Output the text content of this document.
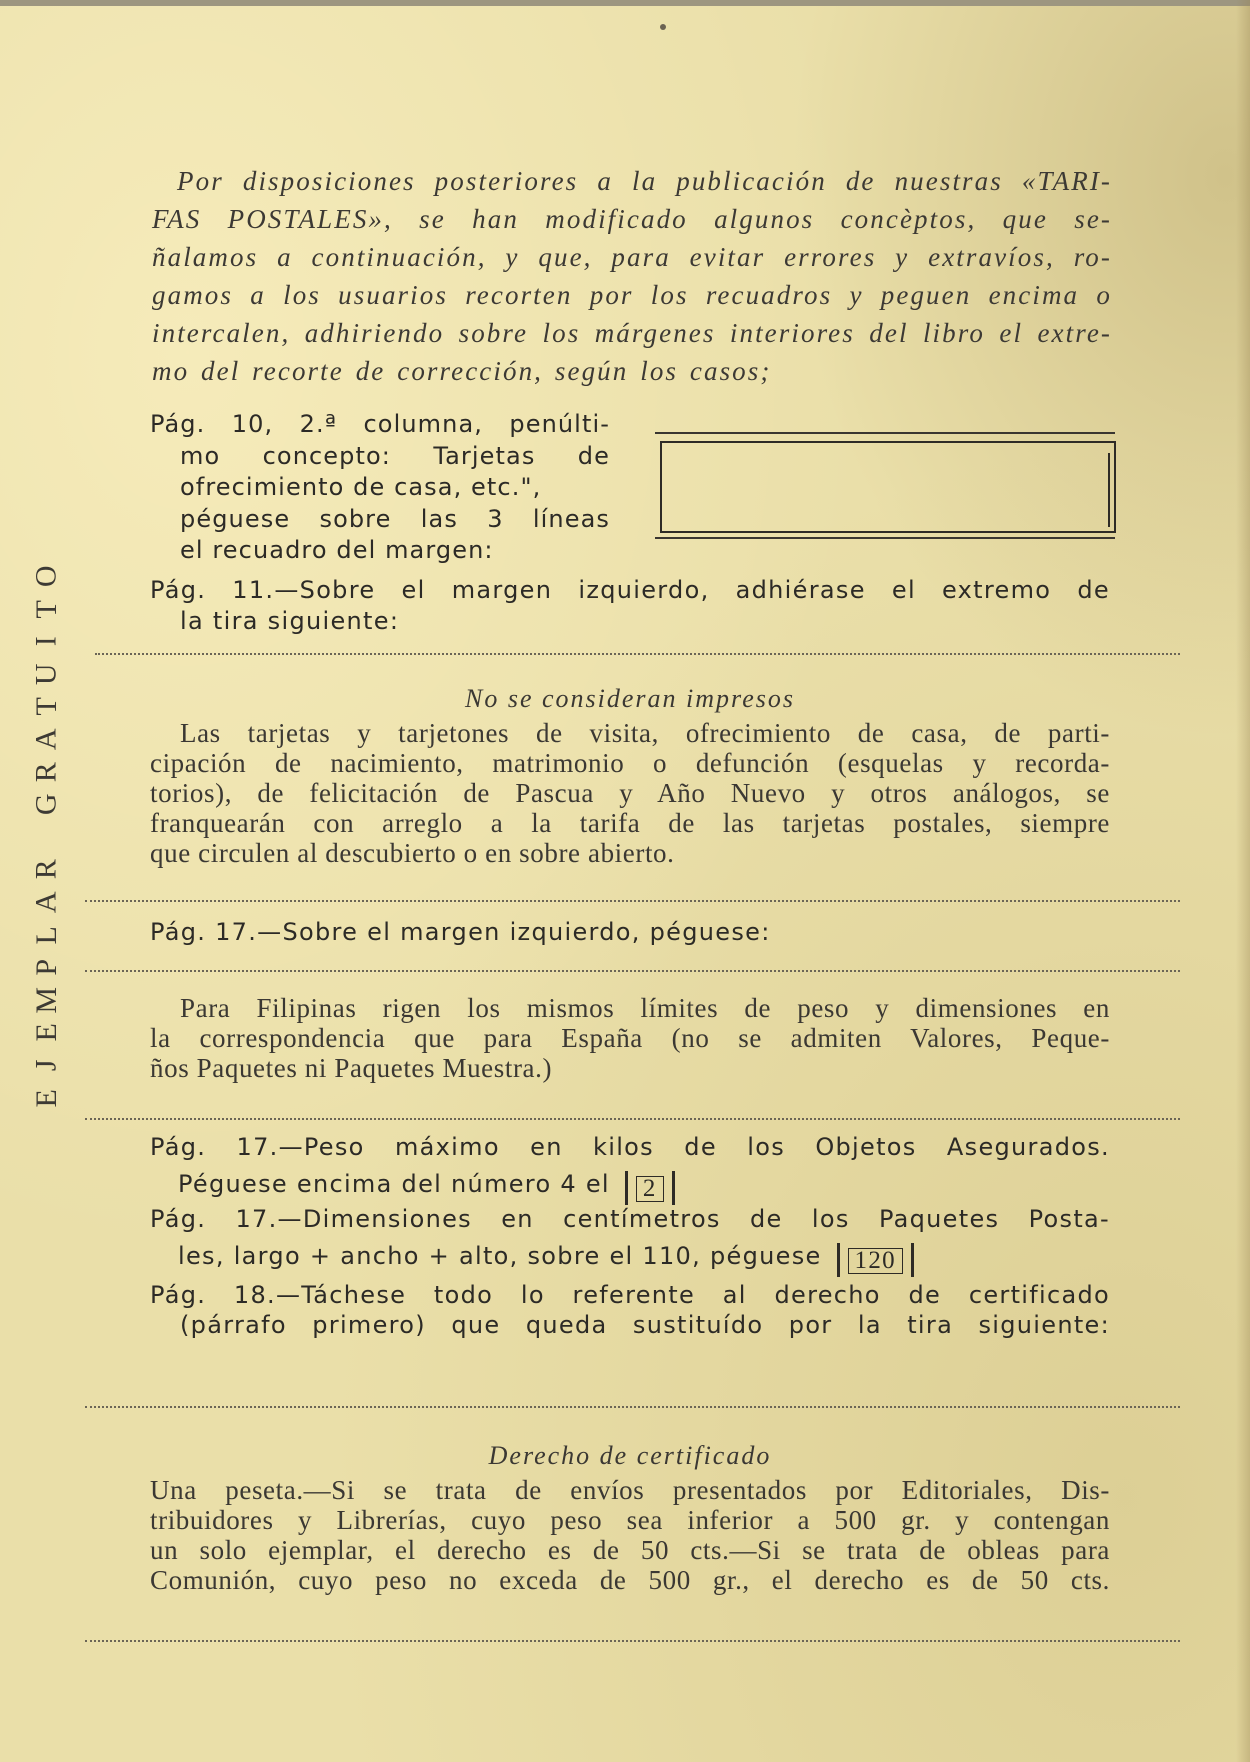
O
T
I
U
T
A
R
G

R
A
L
P
M
E
J
E
Por disposiciones posteriores a la publicación de nuestras «TARI-
FAS POSTALES», se han modificado algunos concèptos, que se-
ñalamos a continuación, y que, para evitar errores y extravíos, ro-
gamos a los usuarios recorten por los recuadros y peguen encima o
intercalen, adhiriendo sobre los márgenes interiores del libro el extre-
mo del recorte de corrección, según los casos;
Pág. 10, 2.ª columna, penúlti-
mo concepto: Tarjetas de
ofrecimiento de casa, etc.",
péguese sobre las 3 líneas
el recuadro del margen:
Pág. 11.—Sobre el margen izquierdo, adhiérase el extremo de
la tira siguiente:
No se consideran impresos
Las tarjetas y tarjetones de visita, ofrecimiento de casa, de parti-
cipación de nacimiento, matrimonio o defunción (esquelas y recorda-
torios), de felicitación de Pascua y Año Nuevo y otros análogos, se
franquearán con arreglo a la tarifa de las tarjetas postales, siempre
que circulen al descubierto o en sobre abierto.
Pág. 17.—Sobre el margen izquierdo, péguese:
Para Filipinas rigen los mismos límites de peso y dimensiones en
la correspondencia que para España (no se admiten Valores, Peque-
ños Paquetes ni Paquetes Muestra.)
Pág. 17.—Peso máximo en kilos de los Objetos Asegurados.
Péguese encima del número 4 el 2
Pág. 17.—Dimensiones en centímetros de los Paquetes Posta-
les, largo + ancho + alto, sobre el 110, péguese 120
Pág. 18.—Táchese todo lo referente al derecho de certificado
(párrafo primero) que queda sustituído por la tira siguiente:
Derecho de certificado
Una peseta.—Si se trata de envíos presentados por Editoriales, Dis-
tribuidores y Librerías, cuyo peso sea inferior a 500 gr. y contengan
un solo ejemplar, el derecho es de 50 cts.—Si se trata de obleas para
Comunión, cuyo peso no exceda de 500 gr., el derecho es de 50 cts.
